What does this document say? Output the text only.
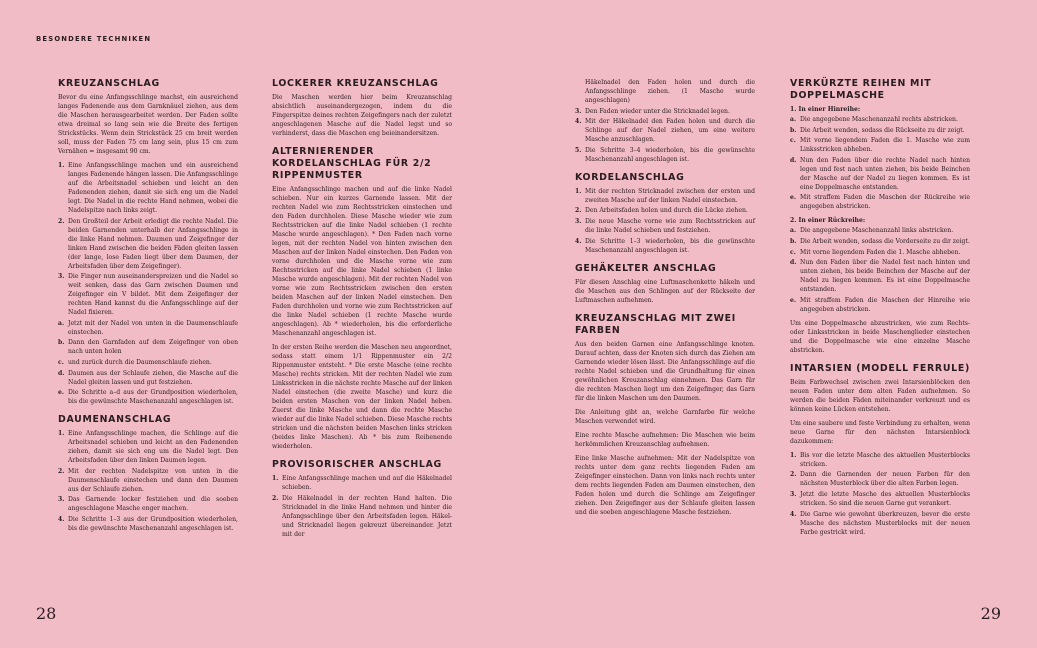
BESONDERE TECHNIKEN
KREUZANSCHLAG

Bevor du eine Anfangsschlinge machst, ein ausreichend langes Fadenende aus dem Garnknäuel ziehen, aus dem die Maschen herausgearbeitet werden. Der Faden sollte etwa dreimal so lang sein wie die Breite des fertigen Strickstücks. Wenn dein Strickstück 25 cm breit werden soll, muss der Faden 75 cm lang sein, plus 15 cm zum Vernähen = insgesamt 90 cm.

1. Eine Anfangsschlinge machen und ein ausreichend langes Fadenende hängen lassen. Die Anfangsschlinge auf die Arbeitsnadel schieben und leicht an den Fadenenden ziehen, damit sie sich eng um die Nadel legt. Die Nadel in die rechte Hand nehmen, wobei die Nadelspitze nach links zeigt.
2. Den Großteil der Arbeit erledigt die rechte Nadel. Die beiden Garnenden unterhalb der Anfangsschlinge in die linke Hand nehmen. Daumen und Zeigefinger der linken Hand zwischen die beiden Fäden gleiten lassen (der lange, lose Faden liegt über dem Daumen, der Arbeitsfaden über dem Zeigefinger).
3. Die Finger nun auseinanderspreizen und die Nadel so weit senken, dass das Garn zwischen Daumen und Zeigefinger ein V bildet. Mit dem Zeigefinger der rechten Hand kannst du die Anfangsschlinge auf der Nadel fixieren.
a. Jetzt mit der Nadel von unten in die Daumenschlaufe einstechen.
b. Dann den Garnfaden auf dem Zeigefinger von oben nach unten holen
c. und zurück durch die Daumenschlaufe ziehen.
d. Daumen aus der Schlaufe ziehen, die Masche auf die Nadel gleiten lassen und gut festziehen.
e. Die Schritte a–d aus der Grundposition wiederholen, bis die gewünschte Maschenanzahl angeschlagen ist.
DAUMENANSCHLAG
1. Eine Anfangsschlinge machen, die Schlinge auf die Arbeitsnadel schieben und leicht an den Fadenenden ziehen, damit sie sich eng um die Nadel legt. Den Arbeitsfaden über den linken Daumen legen.
2. Mit der rechten Nadelspitze von unten in die Daumenschlaufe einstechen und dann den Daumen aus der Schlaufe ziehen.
3. Das Garnende locker festziehen und die soeben angeschlagene Masche enger machen.
4. Die Schritte 1–3 aus der Grundposition wiederholen, bis die gewünschte Maschenanzahl angeschlagen ist.
LOCKERER KREUZANSCHLAG

Die Maschen werden hier beim Kreuzanschlag absichtlich auseinandergezogen, indem du die Fingerspitze deines rechten Zeigefingers nach der zuletzt angeschlagenen Masche auf die Nadel legst und so verhinderst, dass die Maschen eng beieinandersitzen.

ALTERNIERENDER KORDELANSCHLAG FÜR 2/2 RIPPENMUSTER

Eine Anfangsschlinge machen und auf die linke Nadel schieben. Nur ein kurzes Garnende lassen. Mit der rechten Nadel wie zum Rechtsstricken einstechen und den Faden durchholen. Diese Masche wieder wie zum Rechtsstricken auf die linke Nadel schieben (1 rechte Masche wurde angeschlagen). * Den Faden nach vorne legen, mit der rechten Nadel von hinten zwischen den Maschen auf der linken Nadel einstechen. Den Faden von vorne durchholen und die Masche vorne wie zum Rechtsstricken auf die linke Nadel schieben (1 linke Masche wurde angeschlagen). Mit der rechten Nadel von vorne wie zum Rechtsstricken zwischen den ersten beiden Maschen auf der linken Nadel einstechen. Den Faden durchholen und vorne wie zum Rechtsstricken auf die linke Nadel schieben (1 rechte Masche wurde angeschlagen). Ab * wiederholen, bis die erforderliche Maschenanzahl angeschlagen ist.

In der ersten Reihe werden die Maschen neu angeordnet, sodass statt einem 1/1 Rippenmuster ein 2/2 Rippenmuster entsteht. * Die erste Masche (eine rechte Masche) rechts stricken. Mit der rechten Nadel wie zum Linksstricken in die nächste rechte Masche auf der linken Nadel einstechen (die zweite Masche) und kurz die beiden ersten Maschen von der linken Nadel heben. Zuerst die linke Masche und dann die rechte Masche wieder auf die linke Nadel schieben. Diese Masche rechts stricken und die nächsten beiden Maschen links stricken (beides linke Maschen). Ab * bis zum Reihenende wiederholen.

PROVISORISCHER ANSCHLAG
1. Eine Anfangsschlinge machen und auf die Häkelnadel schieben.
2. Die Häkelnadel in der rechten Hand halten. Die Stricknadel in die linke Hand nehmen und hinter die Anfangsschlinge über den Arbeitsfaden legen. Häkel- und Stricknadel liegen gekreuzt übereinander. Jetzt mit der
Häkelnadel den Faden holen und durch die Anfangsschlinge ziehen. (1 Masche wurde angeschlagen)
3. Den Faden wieder unter die Stricknadel legen.
4. Mit der Häkelnadel den Faden holen und durch die Schlinge auf der Nadel ziehen, um eine weitere Masche anzuschlagen.
5. Die Schritte 3–4 wiederholen, bis die gewünschte Maschenanzahl angeschlagen ist.
KORDELANSCHLAG
1. Mit der rechten Stricknadel zwischen der ersten und zweiten Masche auf der linken Nadel einstechen.
2. Den Arbeitsfaden holen und durch die Lücke ziehen.
3. Die neue Masche vorne wie zum Rechtsstricken auf die linke Nadel schieben und festziehen.
4. Die Schritte 1–3 wiederholen, bis die gewünschte Maschenanzahl angeschlagen ist.
GEHÄKELTER ANSCHLAG

Für diesen Anschlag eine Luftmaschenkette häkeln und die Maschen aus den Schlingen auf der Rückseite der Luftmaschen aufnehmen.

KREUZANSCHLAG MIT ZWEI FARBEN

Aus den beiden Garnen eine Anfangsschlinge knoten. Darauf achten, dass der Knoten sich durch das Ziehen am Garnende wieder lösen lässt. Die Anfangsschlinge auf die rechte Nadel schieben und die Grundhaltung für einen gewöhnlichen Kreuzanschlag einnehmen. Das Garn für die rechten Maschen liegt um den Zeigefinger, das Garn für die linken Maschen um den Daumen.

Die Anleitung gibt an, welche Garnfarbe für welche Maschen verwendet wird.

Eine rechte Masche aufnehmen: Die Maschen wie beim herkömmlichen Kreuzanschlag aufnehmen.

Eine linke Masche aufnehmen: Mit der Nadelspitze von rechts unter dem ganz rechts liegenden Faden am Zeigefinger einstechen. Dann von links nach rechts unter dem rechts liegenden Faden am Daumen einstechen, den Faden holen und durch die Schlinge am Zeigefinger ziehen. Den Zeigefinger aus der Schlaufe gleiten lassen und die soeben angeschlagene Masche festziehen.

VERKÜRZTE REIHEN MIT DOPPELMASCHE
1. In einer Hinreihe:
a. Die angegebene Maschenanzahl rechts abstricken.
b. Die Arbeit wenden, sodass die Rückseite zu dir zeigt.
c. Mit vorne liegendem Faden die 1. Masche wie zum Linksstricken abheben.
d. Nun den Faden über die rechte Nadel nach hinten legen und fest nach unten ziehen, bis beide Beinchen der Masche auf der Nadel zu liegen kommen. Es ist eine Doppelmasche entstanden.
e. Mit straffem Faden die Maschen der Rückreihe wie angegeben abstricken.
2. In einer Rückreihe:
a. Die angegebene Maschenanzahl links abstricken.
b. Die Arbeit wenden, sodass die Vorderseite zu dir zeigt.
c. Mit vorne liegendem Faden die 1. Masche abheben.
d. Nun den Faden über die Nadel fest nach hinten und unten ziehen, bis beide Beinchen der Masche auf der Nadel zu liegen kommen. Es ist eine Doppelmasche entstanden.
e. Mit straffem Faden die Maschen der Hinreihe wie angegeben abstricken.

Um eine Doppelmasche abzustricken, wie zum Rechts- oder Linksstricken in beide Maschenglieder einstechen und die Doppelmasche wie eine einzelne Masche abstricken.

INTARSIEN (MODELL FERRULE)

Beim Farbwechsel zwischen zwei Intarsienblöcken den neuen Faden unter dem alten Faden aufnehmen. So werden die beiden Fäden miteinander verkreuzt und es können keine Lücken entstehen.

Um eine saubere und feste Verbindung zu erhalten, wenn neue Garne für den nächsten Intarsienblock dazukommen:

1. Bis vor die letzte Masche des aktuellen Musterblocks stricken.
2. Dann die Garnenden der neuen Farben für den nächsten Musterblock über die alten Farben legen.
3. Jetzt die letzte Masche des aktuellen Musterblocks stricken. So sind die neuen Garne gut verankert.
4. Die Garne wie gewohnt überkreuzen, bevor die erste Masche des nächsten Musterblocks mit der neuen Farbe gestrickt wird.
28	29
